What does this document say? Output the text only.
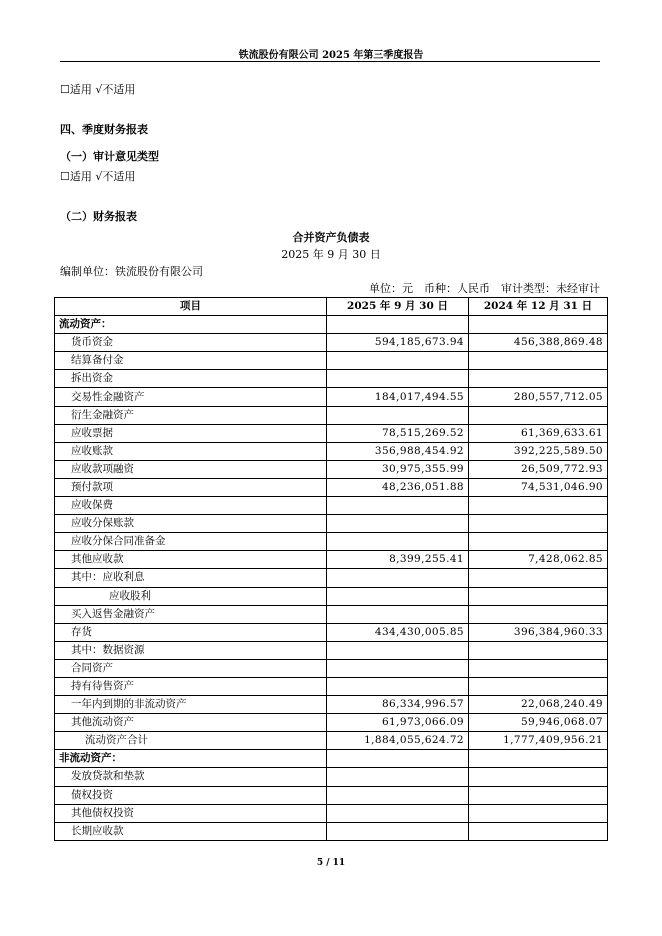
铁流股份有限公司 2025 年第三季度报告
☐适用 √不适用
四、季度财务报表
（一）审计意见类型
☐适用 √不适用
（二）财务报表
合并资产负债表
2025 年 9 月 30 日
编制单位：铁流股份有限公司
单位：元　币种：人民币　审计类型：未经审计
项目	2025 年 9 月 30 日	2024 年 12 月 31 日
流动资产：		
货币资金	594,185,673.94	456,388,869.48
结算备付金		
拆出资金		
交易性金融资产	184,017,494.55	280,557,712.05
衍生金融资产		
应收票据	78,515,269.52	61,369,633.61
应收账款	356,988,454.92	392,225,589.50
应收款项融资	30,975,355.99	26,509,772.93
预付款项	48,236,051.88	74,531,046.90
应收保费		
应收分保账款		
应收分保合同准备金		
其他应收款	8,399,255.41	7,428,062.85
其中：应收利息		
应收股利		
买入返售金融资产		
存货	434,430,005.85	396,384,960.33
其中：数据资源		
合同资产		
持有待售资产		
一年内到期的非流动资产	86,334,996.57	22,068,240.49
其他流动资产	61,973,066.09	59,946,068.07
流动资产合计	1,884,055,624.72	1,777,409,956.21
非流动资产：		
发放贷款和垫款		
债权投资		
其他债权投资		
长期应收款		
5 / 11
